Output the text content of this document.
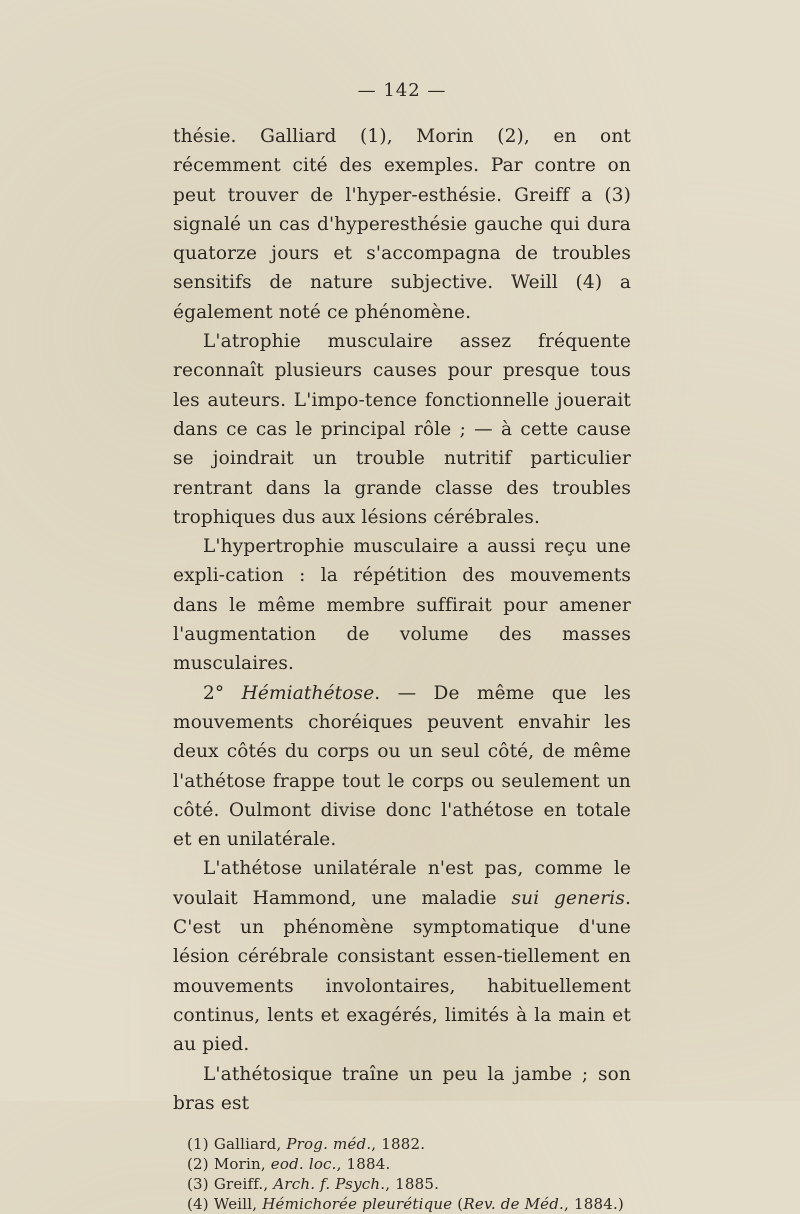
— 142 —

thésie. Galliard (1), Morin (2), en ont récemment cité des exemples. Par contre on peut trouver de l'hyper-esthésie. Greiff a (3) signalé un cas d'hyperesthésie gauche qui dura quatorze jours et s'accompagna de troubles sensitifs de nature subjective. Weill (4) a également noté ce phénomène.

L'atrophie musculaire assez fréquente reconnaît plusieurs causes pour presque tous les auteurs. L'impo-tence fonctionnelle jouerait dans ce cas le principal rôle ; — à cette cause se joindrait un trouble nutritif particulier rentrant dans la grande classe des troubles trophiques dus aux lésions cérébrales.

L'hypertrophie musculaire a aussi reçu une expli-cation : la répétition des mouvements dans le même membre suffirait pour amener l'augmentation de volume des masses musculaires.

2° Hémiathétose. — De même que les mouvements choréiques peuvent envahir les deux côtés du corps ou un seul côté, de même l'athétose frappe tout le corps ou seulement un côté. Oulmont divise donc l'athétose en totale et en unilatérale.

L'athétose unilatérale n'est pas, comme le voulait Hammond, une maladie sui generis. C'est un phénomène symptomatique d'une lésion cérébrale consistant essen-tiellement en mouvements involontaires, habituellement continus, lents et exagérés, limités à la main et au pied.

L'athétosique traîne un peu la jambe ; son bras est

(1) Galliard, Prog. méd., 1882.
(2) Morin, eod. loc., 1884.
(3) Greiff., Arch. f. Psych., 1885.
(4) Weill, Hémichorée pleurétique (Rev. de Méd., 1884.)
